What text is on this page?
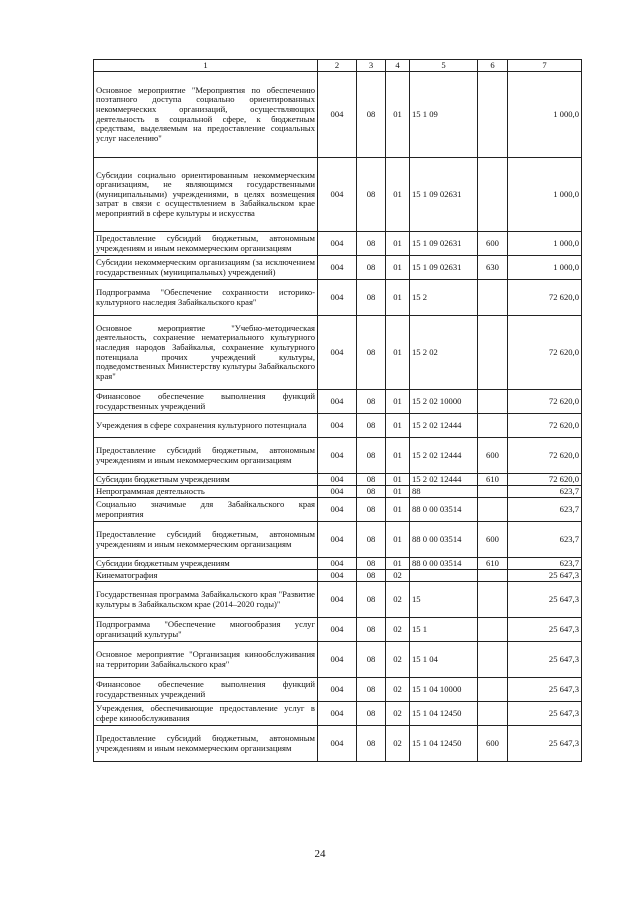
1	2	3	4	5	6	7
Основное мероприятие "Мероприятия по обеспечению поэтапного доступа социально ориентированных некоммерческих организаций, осуществляющих деятельность в социальной сфере, к бюджетным средствам, выделяемым на предоставление социальных услуг населению"	004	08	01	15 1 09		1 000,0
Субсидии социально ориентированным некоммерческим организациям, не являющимся государственными (муниципальными) учреждениями, в целях возмещения затрат в связи с осуществлением в Забайкальском крае мероприятий в сфере культуры и искусства	004	08	01	15 1 09 02631		1 000,0
Предоставление субсидий бюджетным, автономным учреждениям и иным некоммерческим организациям	004	08	01	15 1 09 02631	600	1 000,0
Субсидии некоммерческим организациям (за исключением государственных (муниципальных) учреждений)	004	08	01	15 1 09 02631	630	1 000,0
Подпрограмма "Обеспечение сохранности историко-культурного наследия Забайкальского края"	004	08	01	15 2		72 620,0
Основное мероприятие "Учебно-методическая деятельность, сохранение нематериального культурного наследия народов Забайкалья, сохранение культурного потенциала прочих учреждений культуры, подведомственных Министерству культуры Забайкальского края"	004	08	01	15 2 02		72 620,0
Финансовое обеспечение выполнения функций государственных учреждений	004	08	01	15 2 02 10000		72 620,0
Учреждения в сфере сохранения культурного потенциала	004	08	01	15 2 02 12444		72 620,0
Предоставление субсидий бюджетным, автономным учреждениям и иным некоммерческим организациям	004	08	01	15 2 02 12444	600	72 620,0
Субсидии бюджетным учреждениям	004	08	01	15 2 02 12444	610	72 620,0
Непрограммная деятельность	004	08	01	88		623,7
Социально значимые для Забайкальского края мероприятия	004	08	01	88 0 00 03514		623,7
Предоставление субсидий бюджетным, автономным учреждениям и иным некоммерческим организациям	004	08	01	88 0 00 03514	600	623,7
Субсидии бюджетным учреждениям	004	08	01	88 0 00 03514	610	623,7
Кинематография	004	08	02			25 647,3
Государственная программа Забайкальского края "Развитие культуры в Забайкальском крае (2014–2020 годы)"	004	08	02	15		25 647,3
Подпрограмма "Обеспечение многообразия услуг организаций культуры"	004	08	02	15 1		25 647,3
Основное мероприятие "Организация кинообслуживания на территории Забайкальского края"	004	08	02	15 1 04		25 647,3
Финансовое обеспечение выполнения функций государственных учреждений	004	08	02	15 1 04 10000		25 647,3
Учреждения, обеспечивающие предоставление услуг в сфере кинообслуживания	004	08	02	15 1 04 12450		25 647,3
Предоставление субсидий бюджетным, автономным учреждениям и иным некоммерческим организациям	004	08	02	15 1 04 12450	600	25 647,3
24
